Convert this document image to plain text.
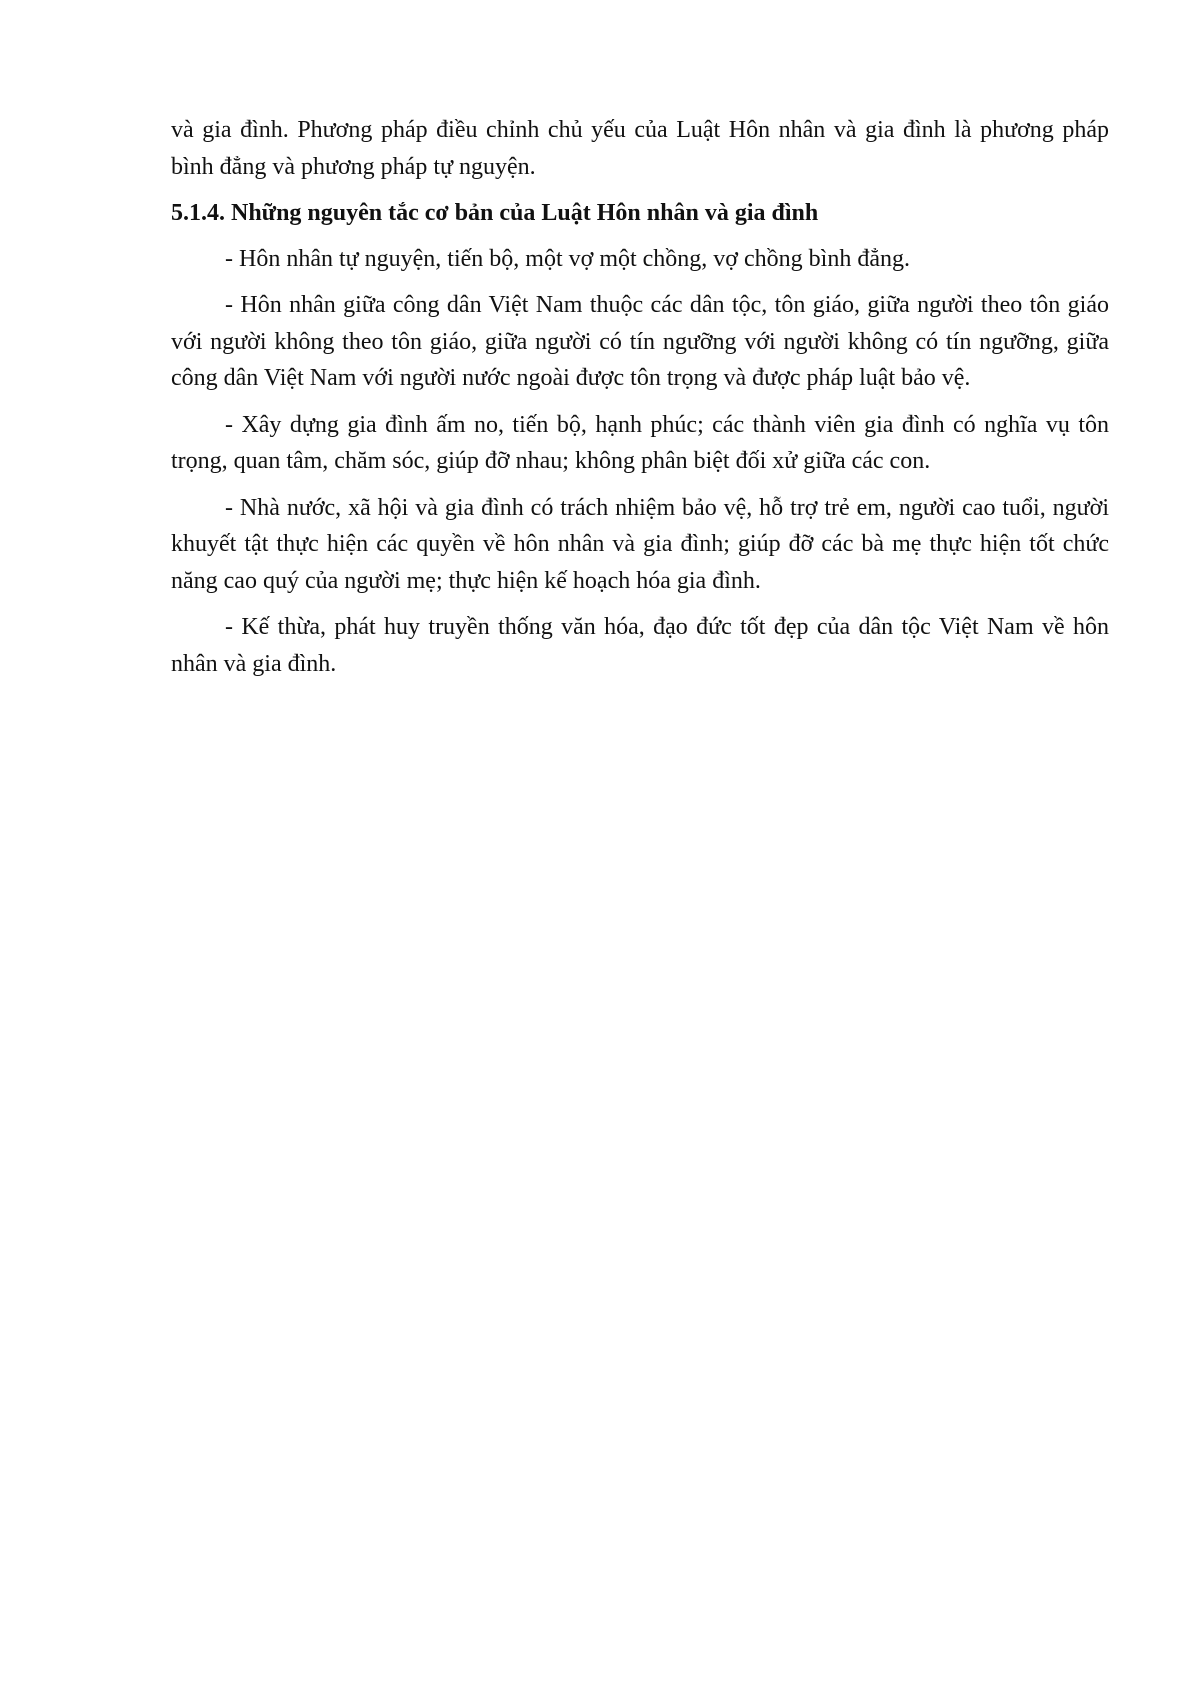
và gia đình. Phương pháp điều chỉnh chủ yếu của Luật Hôn nhân và gia đình là phương pháp bình đẳng và phương pháp tự nguyện.

5.1.4. Những nguyên tắc cơ bản của Luật Hôn nhân và gia đình

- Hôn nhân tự nguyện, tiến bộ, một vợ một chồng, vợ chồng bình đẳng.

- Hôn nhân giữa công dân Việt Nam thuộc các dân tộc, tôn giáo, giữa người theo tôn giáo với người không theo tôn giáo, giữa người có tín ngưỡng với người không có tín ngưỡng, giữa công dân Việt Nam với người nước ngoài được tôn trọng và được pháp luật bảo vệ.

- Xây dựng gia đình ấm no, tiến bộ, hạnh phúc; các thành viên gia đình có nghĩa vụ tôn trọng, quan tâm, chăm sóc, giúp đỡ nhau; không phân biệt đối xử giữa các con.

- Nhà nước, xã hội và gia đình có trách nhiệm bảo vệ, hỗ trợ trẻ em, người cao tuổi, người khuyết tật thực hiện các quyền về hôn nhân và gia đình; giúp đỡ các bà mẹ thực hiện tốt chức năng cao quý của người mẹ; thực hiện kế hoạch hóa gia đình.

- Kế thừa, phát huy truyền thống văn hóa, đạo đức tốt đẹp của dân tộc Việt Nam về hôn nhân và gia đình.
